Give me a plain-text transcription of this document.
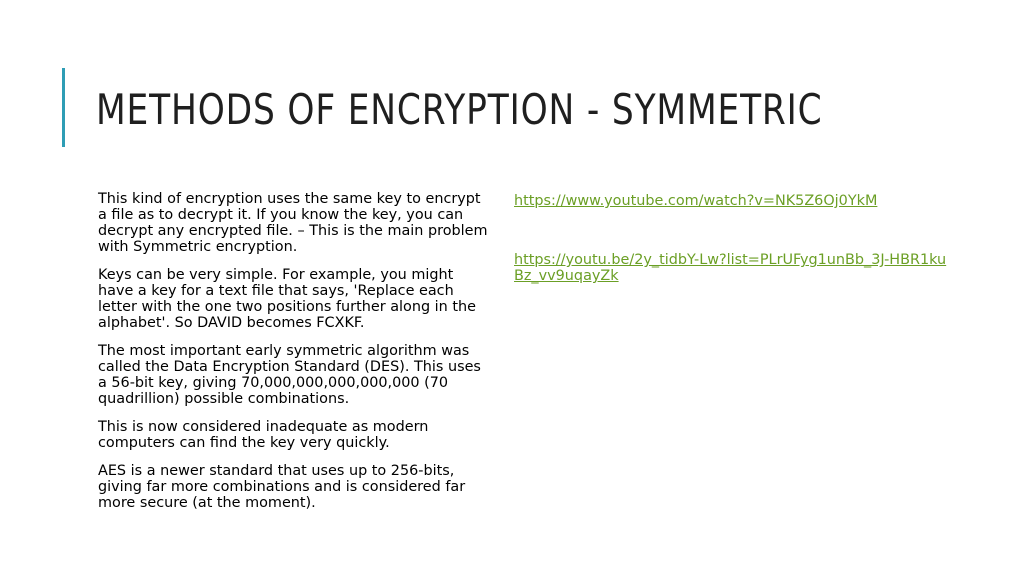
METHODS OF ENCRYPTION - SYMMETRIC

This kind of encryption uses the same key to encrypt a file as to decrypt it. If you know the key, you can decrypt any encrypted file. – This is the main problem with Symmetric encryption.

Keys can be very simple. For example, you might have a key for a text file that says, 'Replace each letter with the one two positions further along in the alphabet'. So DAVID becomes FCXKF.

The most important early symmetric algorithm was called the Data Encryption Standard (DES). This uses a 56-bit key, giving 70,000,000,000,000,000 (70 quadrillion) possible combinations.

This is now considered inadequate as modern computers can find the key very quickly.

AES is a newer standard that uses up to 256-bits, giving far more combinations and is considered far more secure (at the moment).

https://www.youtube.com/watch?v=NK5Z6Oj0YkM
https://youtu.be/2y_tidbY-Lw?list=PLrUFyg1unBb_3J-HBR1kuBz_vv9uqayZk
